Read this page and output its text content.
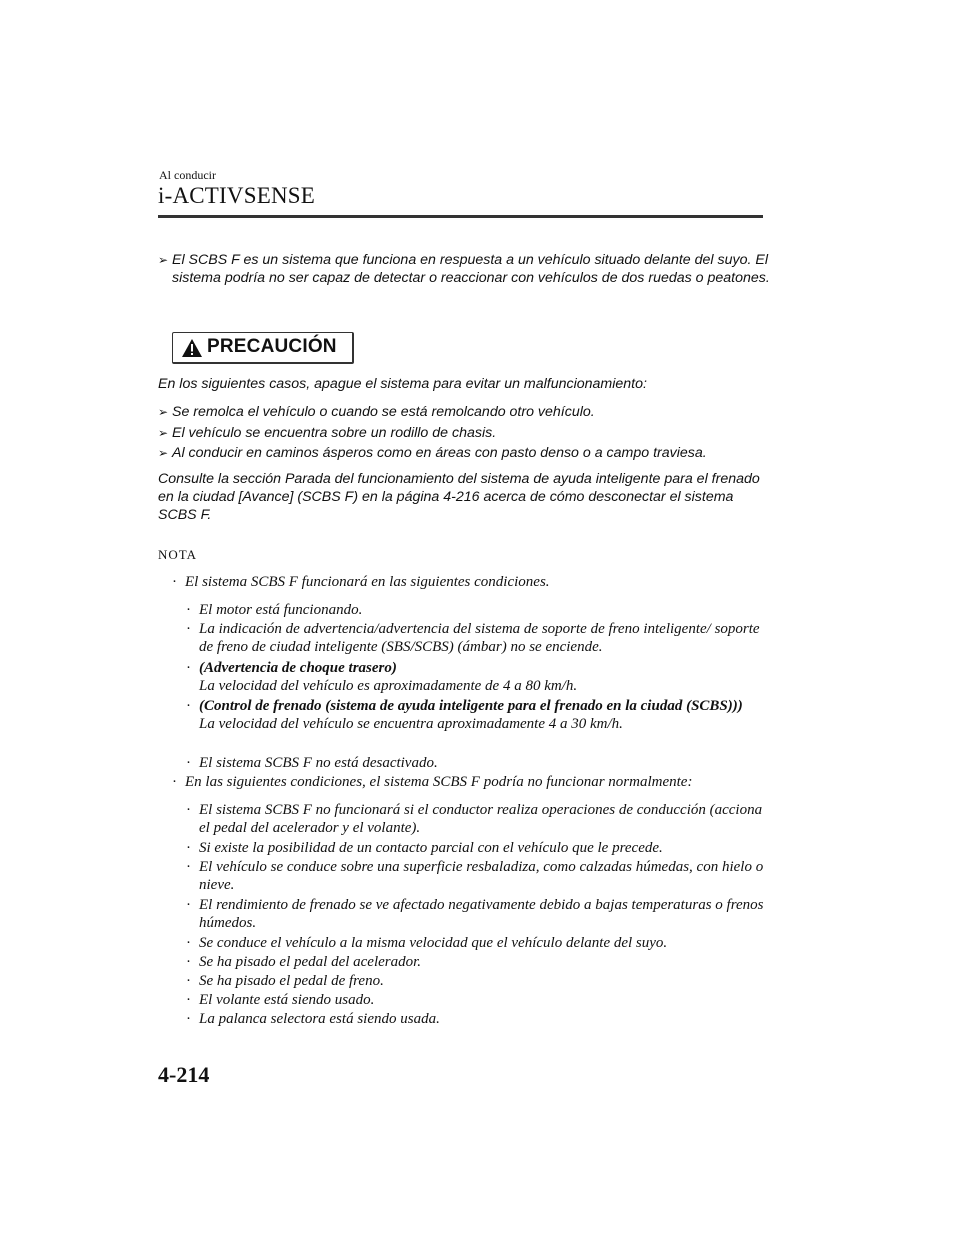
Al conducir
i-ACTIVSENSE
➢ El SCBS F es un sistema que funciona en respuesta a un vehículo situado delante del suyo. El sistema podría no ser capaz de detectar o reaccionar con vehículos de dos ruedas o peatones.
PRECAUCIÓN
En los siguientes casos, apague el sistema para evitar un malfuncionamiento:
➢ Se remolca el vehículo o cuando se está remolcando otro vehículo.
➢ El vehículo se encuentra sobre un rodillo de chasis.
➢ Al conducir en caminos ásperos como en áreas con pasto denso o a campo traviesa.
Consulte la sección Parada del funcionamiento del sistema de ayuda inteligente para el frenado en la ciudad [Avance] (SCBS F) en la página 4-216 acerca de cómo desconectar el sistema SCBS F.
NOTA
· El sistema SCBS F funcionará en las siguientes condiciones.
· El motor está funcionando.
· La indicación de advertencia/advertencia del sistema de soporte de freno inteligente/ soporte de freno de ciudad inteligente (SBS/SCBS) (ámbar) no se enciende.
· (Advertencia de choque trasero)
La velocidad del vehículo es aproximadamente de 4 a 80 km/h.
· (Control de frenado (sistema de ayuda inteligente para el frenado en la ciudad (SCBS)))
La velocidad del vehículo se encuentra aproximadamente 4 a 30 km/h.
· El sistema SCBS F no está desactivado.
· En las siguientes condiciones, el sistema SCBS F podría no funcionar normalmente:
· El sistema SCBS F no funcionará si el conductor realiza operaciones de conducción (acciona el pedal del acelerador y el volante).
· Si existe la posibilidad de un contacto parcial con el vehículo que le precede.
· El vehículo se conduce sobre una superficie resbaladiza, como calzadas húmedas, con hielo o nieve.
· El rendimiento de frenado se ve afectado negativamente debido a bajas temperaturas o frenos húmedos.
· Se conduce el vehículo a la misma velocidad que el vehículo delante del suyo.
· Se ha pisado el pedal del acelerador.
· Se ha pisado el pedal de freno.
· El volante está siendo usado.
· La palanca selectora está siendo usada.
4-214
